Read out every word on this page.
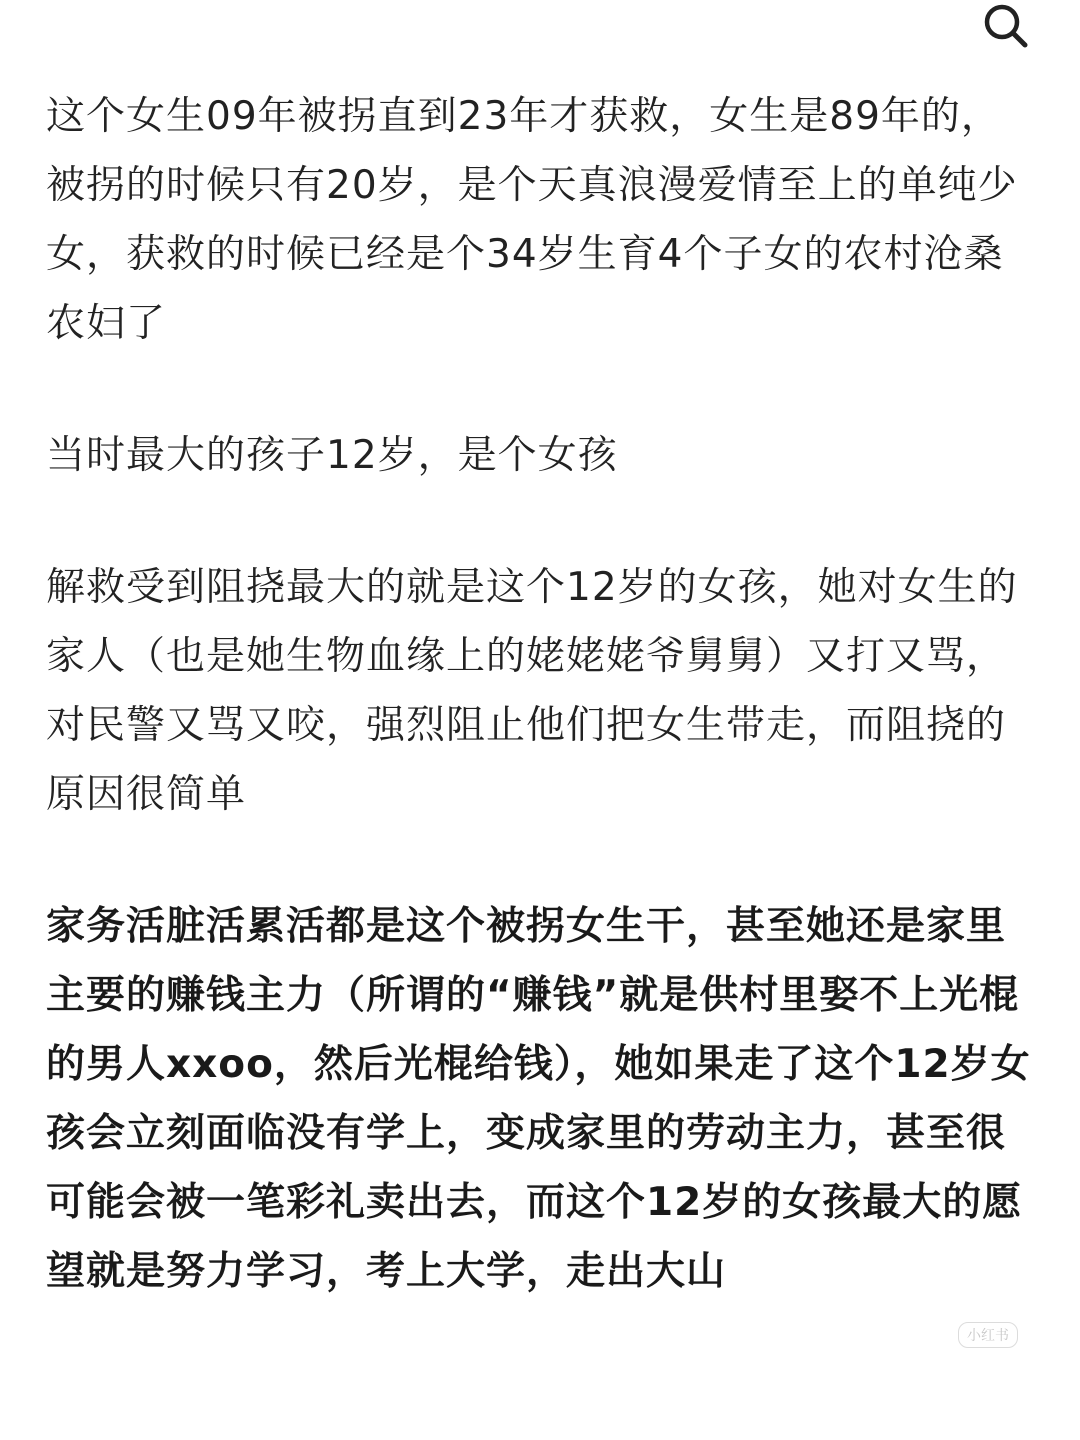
这个女生09年被拐直到23年才获救，女生是89年的，被拐的时候只有20岁，是个天真浪漫爱情至上的单纯少女，获救的时候已经是个34岁生育4个子女的农村沧桑农妇了

当时最大的孩子12岁，是个女孩

解救受到阻挠最大的就是这个12岁的女孩，她对女生的家人（也是她生物血缘上的姥姥姥爷舅舅）又打又骂，对民警又骂又咬，强烈阻止他们把女生带走，而阻挠的原因很简单

家务活脏活累活都是这个被拐女生干，甚至她还是家里主要的赚钱主力（所谓的“赚钱”就是供村里娶不上光棍的男人xxoo，然后光棍给钱），她如果走了这个12岁女孩会立刻面临没有学上，变成家里的劳动主力，甚至很可能会被一笔彩礼卖出去，而这个12岁的女孩最大的愿望就是努力学习，考上大学，走出大山

小红书
